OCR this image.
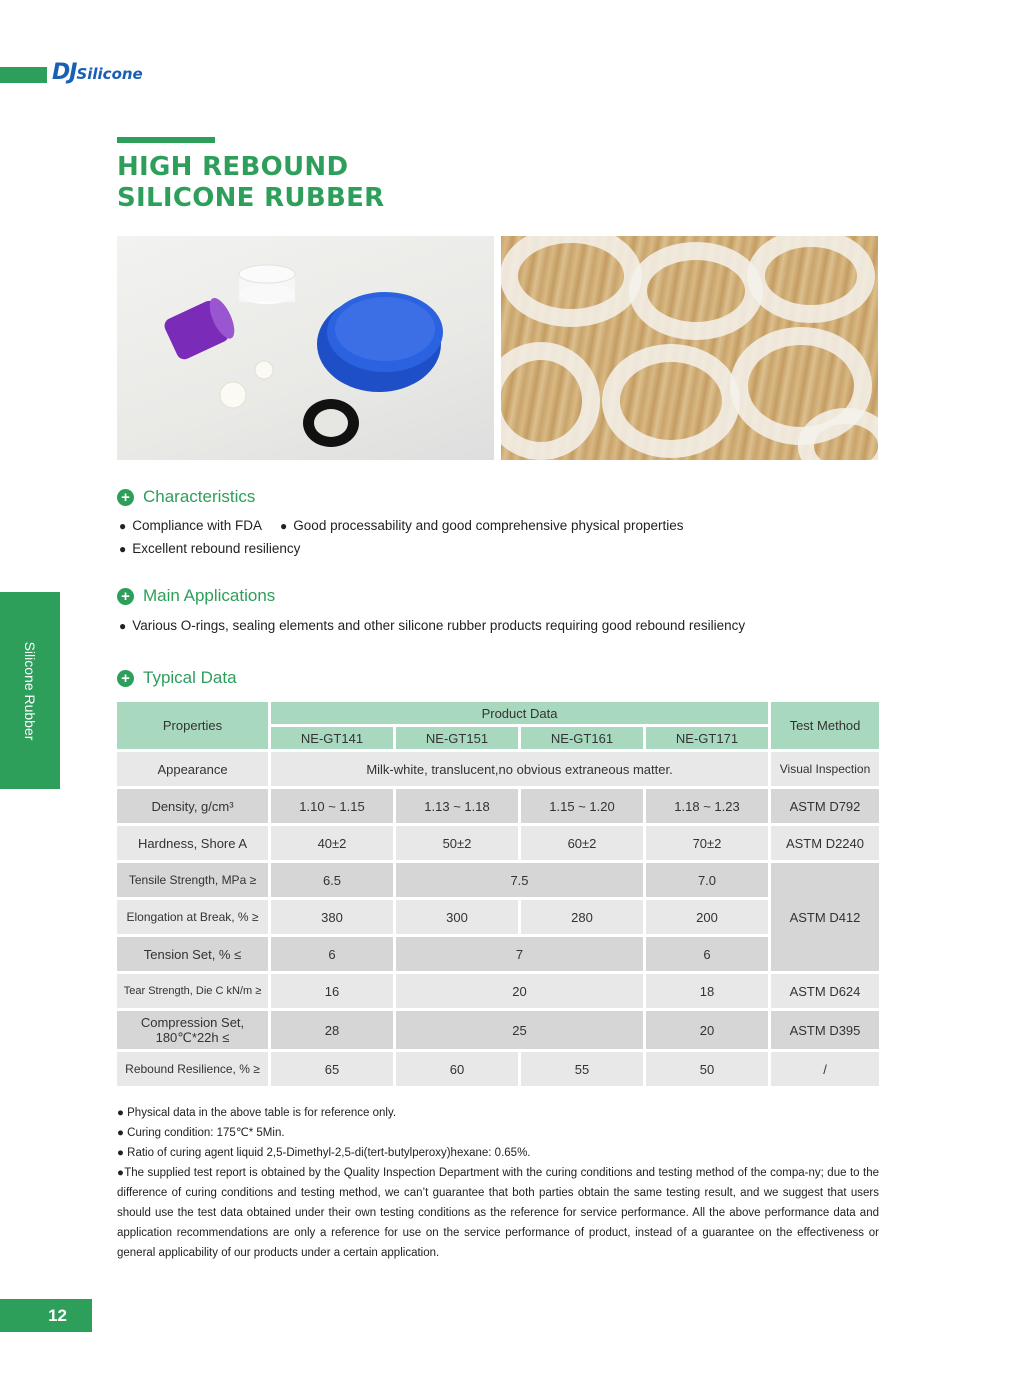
DJSilicone
HIGH REBOUND
SILICONE RUBBER
Silicone Rubber
+ Characteristics
● Compliance with FDA	● Good processability and good comprehensive physical properties
● Excellent rebound resiliency
+ Main Applications
● Various O-rings, sealing elements and other silicone rubber products requiring good rebound resiliency
+ Typical Data
Properties	Product Data				Test Method
	NE-GT141	NE-GT151	NE-GT161	NE-GT171	
Appearance	Milk-white, translucent,no obvious extraneous matter.				Visual Inspection
Density, g/cm³	1.10 ~ 1.15	1.13 ~ 1.18	1.15 ~ 1.20	1.18 ~ 1.23	ASTM D792
Hardness, Shore A	40±2	50±2	60±2	70±2	ASTM D2240
Tensile Strength, MPa ≥	6.5	7.5		7.0	ASTM D412
Elongation at Break, % ≥	380	300	280	200	
Tension Set, % ≤	6	7		6	
Tear Strength, Die C kN/m ≥	16	20		18	ASTM D624

Compression Set,
180℃*22h ≤	28	25		20	ASTM D395
Rebound Resilience, % ≥	65	60	55	50	/

● Physical data in the above table is for reference only.

● Curing condition: 175℃* 5Min.

● Ratio of curing agent liquid 2,5-Dimethyl-2,5-di(tert-butylperoxy)hexane: 0.65%.

●The supplied test report is obtained by the Quality Inspection Department with the curing conditions and testing method of the compa-ny; due to the difference of curing conditions and testing method, we can’t guarantee that both parties obtain the same testing result, and we suggest that users should use the test data obtained under their own testing conditions as the reference for service performance. All the above performance data and application recommendations are only a reference for use on the service performance of product, instead of a guarantee on the effectiveness or general applicability of our products under a certain application.

12
